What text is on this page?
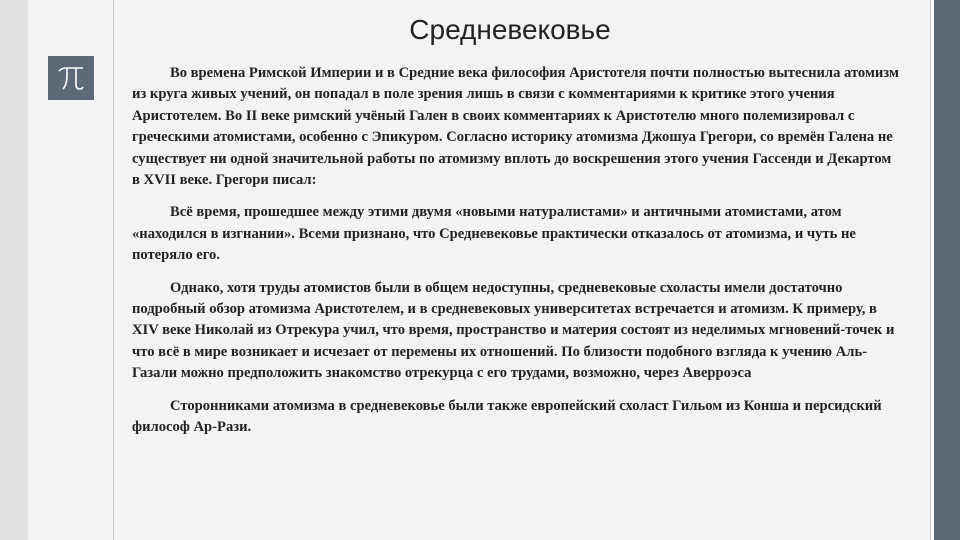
Средневековье

Во времена Римской Империи и в Средние века философия Аристотеля почти полностью вытеснила атомизм из круга живых учений, он попадал в поле зрения лишь в связи с комментариями к критике этого учения Аристотелем. Во II веке римский учёный Гален в своих комментариях к Аристотелю много полемизировал с греческими атомистами, особенно с Эпикуром. Согласно историку атомизма Джошуа Грегори, со времён Галена не существует ни одной значительной работы по атомизму вплоть до воскрешения этого учения Гассенди и Декартом в XVII веке. Грегори писал:

Всё время, прошедшее между этими двумя «новыми натуралистами» и античными атомистами, атом «находился в изгнании». Всеми признано, что Средневековье практически отказалось от атомизма, и чуть не потеряло его.

Однако, хотя труды атомистов были в общем недоступны, средневековые схоласты имели достаточно подробный обзор атомизма Аристотелем, и в средневековых университетах встречается и атомизм. К примеру, в XIV веке Николай из Отрекура учил, что время, пространство и материя состоят из неделимых мгновений-точек и что всё в мире возникает и исчезает от перемены их отношений. По близости подобного взгляда к учению Аль-Газали можно предположить знакомство отрекурца с его трудами, возможно, через Аверроэса

Сторонниками атомизма в средневековье были также европейский схоласт Гильом из Конша и персидский философ Ар-Рази.
